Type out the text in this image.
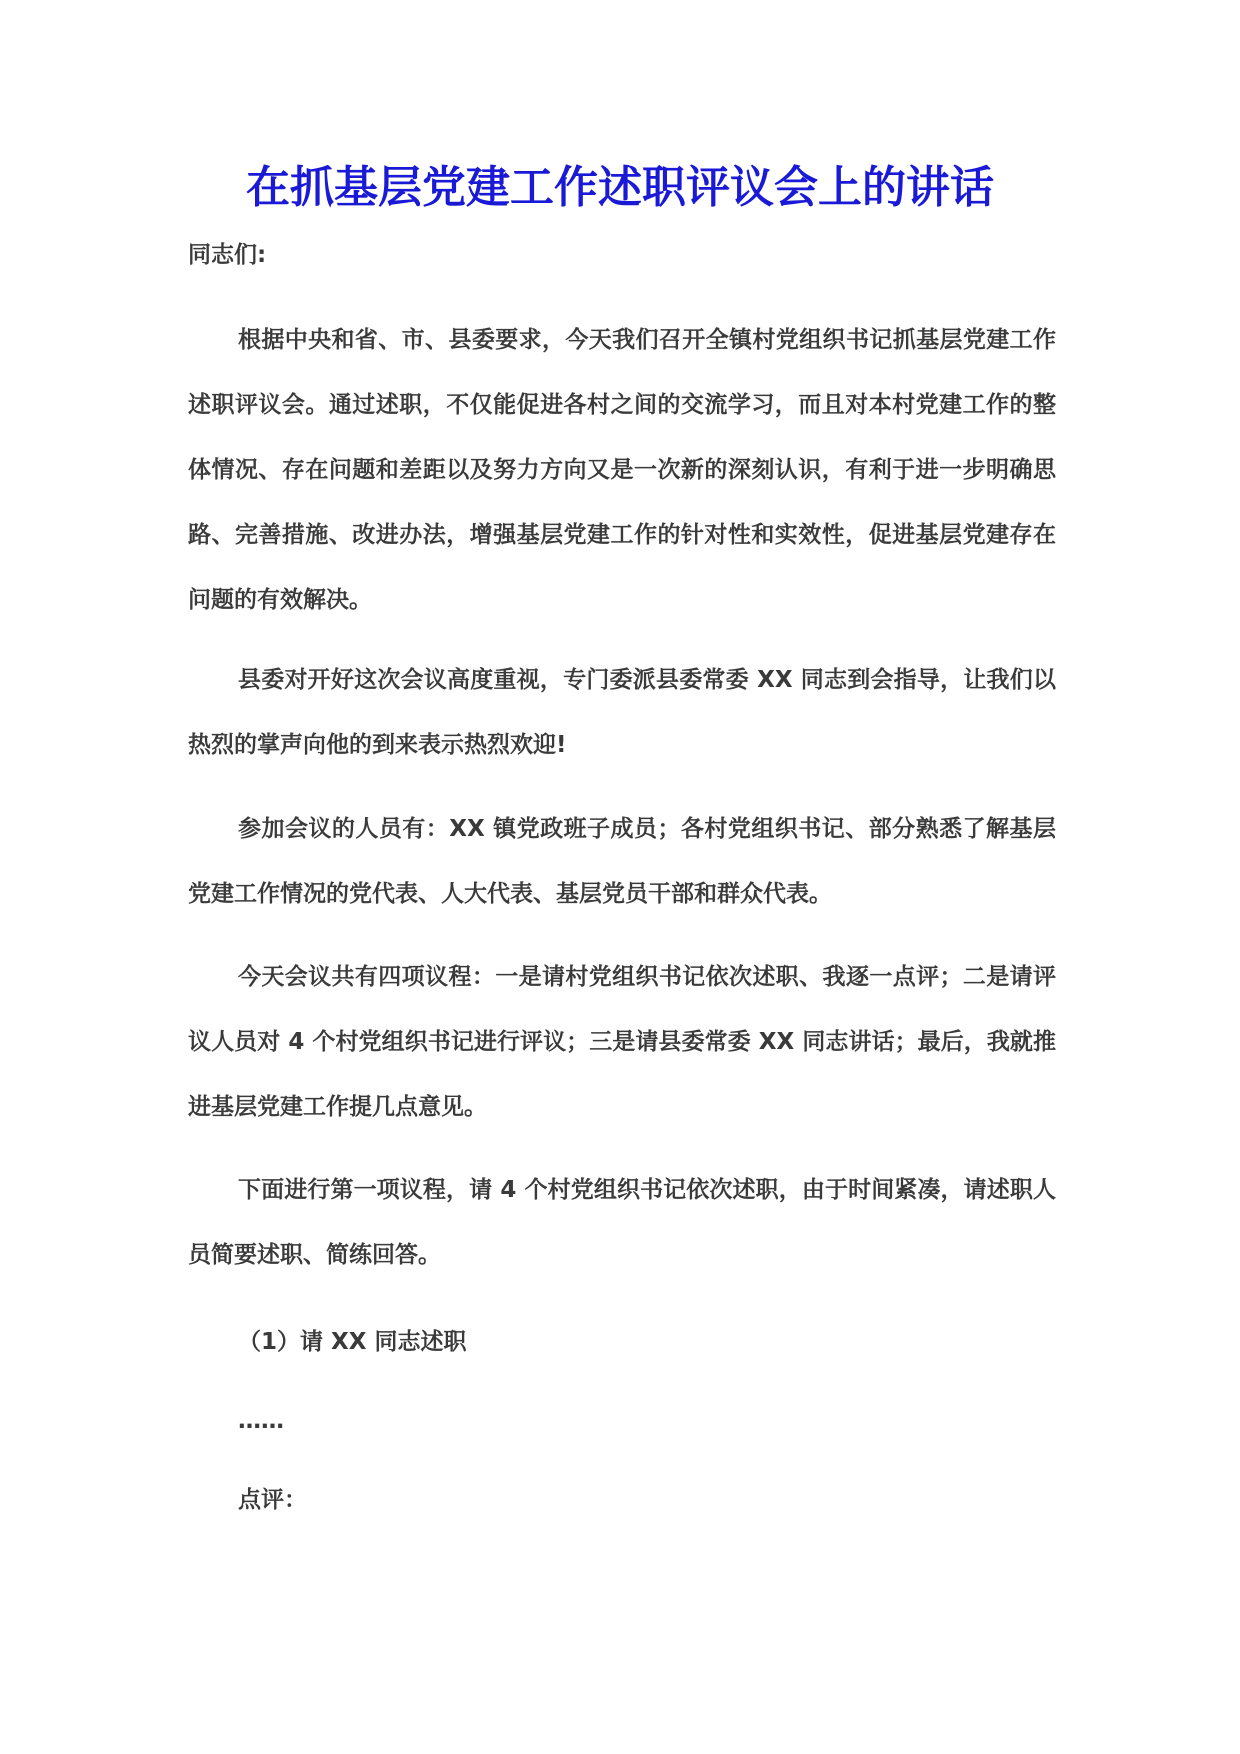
在抓基层党建工作述职评议会上的讲话

同志们:

根据中央和省、市、县委要求，今天我们召开全镇村党组织书记抓基层党建工作述职评议会。通过述职，不仅能促进各村之间的交流学习，而且对本村党建工作的整体情况、存在问题和差距以及努力方向又是一次新的深刻认识，有利于进一步明确思路、完善措施、改进办法，增强基层党建工作的针对性和实效性，促进基层党建存在问题的有效解决。

县委对开好这次会议高度重视，专门委派县委常委 XX 同志到会指导，让我们以热烈的掌声向他的到来表示热烈欢迎!

参加会议的人员有：XX 镇党政班子成员；各村党组织书记、部分熟悉了解基层党建工作情况的党代表、人大代表、基层党员干部和群众代表。

今天会议共有四项议程：一是请村党组织书记依次述职、我逐一点评；二是请评议人员对 4 个村党组织书记进行评议；三是请县委常委 XX 同志讲话；最后，我就推进基层党建工作提几点意见。

下面进行第一项议程，请 4 个村党组织书记依次述职，由于时间紧凑，请述职人员简要述职、简练回答。

（1）请 XX 同志述职

……

点评：
